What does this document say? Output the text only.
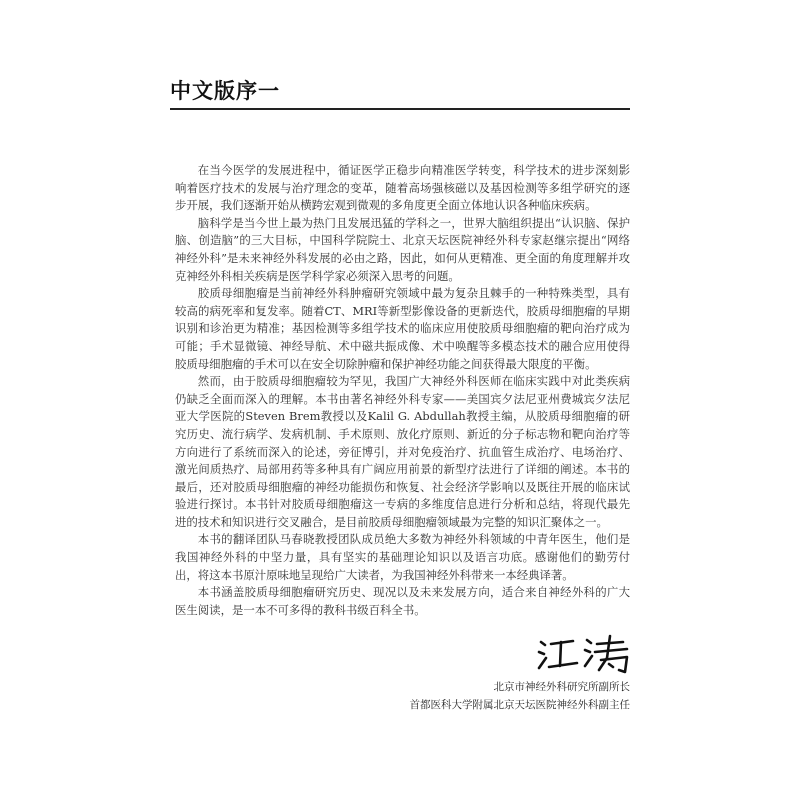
中文版序一

在当今医学的发展进程中，循证医学正稳步向精准医学转变，科学技术的进步深刻影响着医疗技术的发展与治疗理念的变革，随着高场强核磁以及基因检测等多组学研究的逐步开展，我们逐渐开始从横跨宏观到微观的多角度更全面立体地认识各种临床疾病。

脑科学是当今世上最为热门且发展迅猛的学科之一，世界大脑组织提出“认识脑、保护脑、创造脑”的三大目标，中国科学院院士、北京天坛医院神经外科专家赵继宗提出“网络神经外科”是未来神经外科发展的必由之路，因此，如何从更精准、更全面的角度理解并攻克神经外科相关疾病是医学科学家必须深入思考的问题。

胶质母细胞瘤是当前神经外科肿瘤研究领域中最为复杂且棘手的一种特殊类型，具有较高的病死率和复发率。随着CT、MRI等新型影像设备的更新迭代，胶质母细胞瘤的早期识别和诊治更为精准；基因检测等多组学技术的临床应用使胶质母细胞瘤的靶向治疗成为可能；手术显微镜、神经导航、术中磁共振成像、术中唤醒等多模态技术的融合应用使得胶质母细胞瘤的手术可以在安全切除肿瘤和保护神经功能之间获得最大限度的平衡。

然而，由于胶质母细胞瘤较为罕见，我国广大神经外科医师在临床实践中对此类疾病仍缺乏全面而深入的理解。本书由著名神经外科专家——美国宾夕法尼亚州费城宾夕法尼亚大学医院的Steven Brem教授以及Kalil G. Abdullah教授主编，从胶质母细胞瘤的研究历史、流行病学、发病机制、手术原则、放化疗原则、新近的分子标志物和靶向治疗等方向进行了系统而深入的论述，旁征博引，并对免疫治疗、抗血管生成治疗、电场治疗、激光间质热疗、局部用药等多种具有广阔应用前景的新型疗法进行了详细的阐述。本书的最后，还对胶质母细胞瘤的神经功能损伤和恢复、社会经济学影响以及既往开展的临床试验进行探讨。本书针对胶质母细胞瘤这一专病的多维度信息进行分析和总结，将现代最先进的技术和知识进行交叉融合，是目前胶质母细胞瘤领域最为完整的知识汇聚体之一。

本书的翻译团队马春晓教授团队成员绝大多数为神经外科领域的中青年医生，他们是我国神经外科的中坚力量，具有坚实的基础理论知识以及语言功底。感谢他们的勤劳付出，将这本书原汁原味地呈现给广大读者，为我国神经外科带来一本经典译著。

本书涵盖胶质母细胞瘤研究历史、现况以及未来发展方向，适合来自神经外科的广大医生阅读，是一本不可多得的教科书级百科全书。

北京市神经外科研究所副所长
首都医科大学附属北京天坛医院神经外科副主任
